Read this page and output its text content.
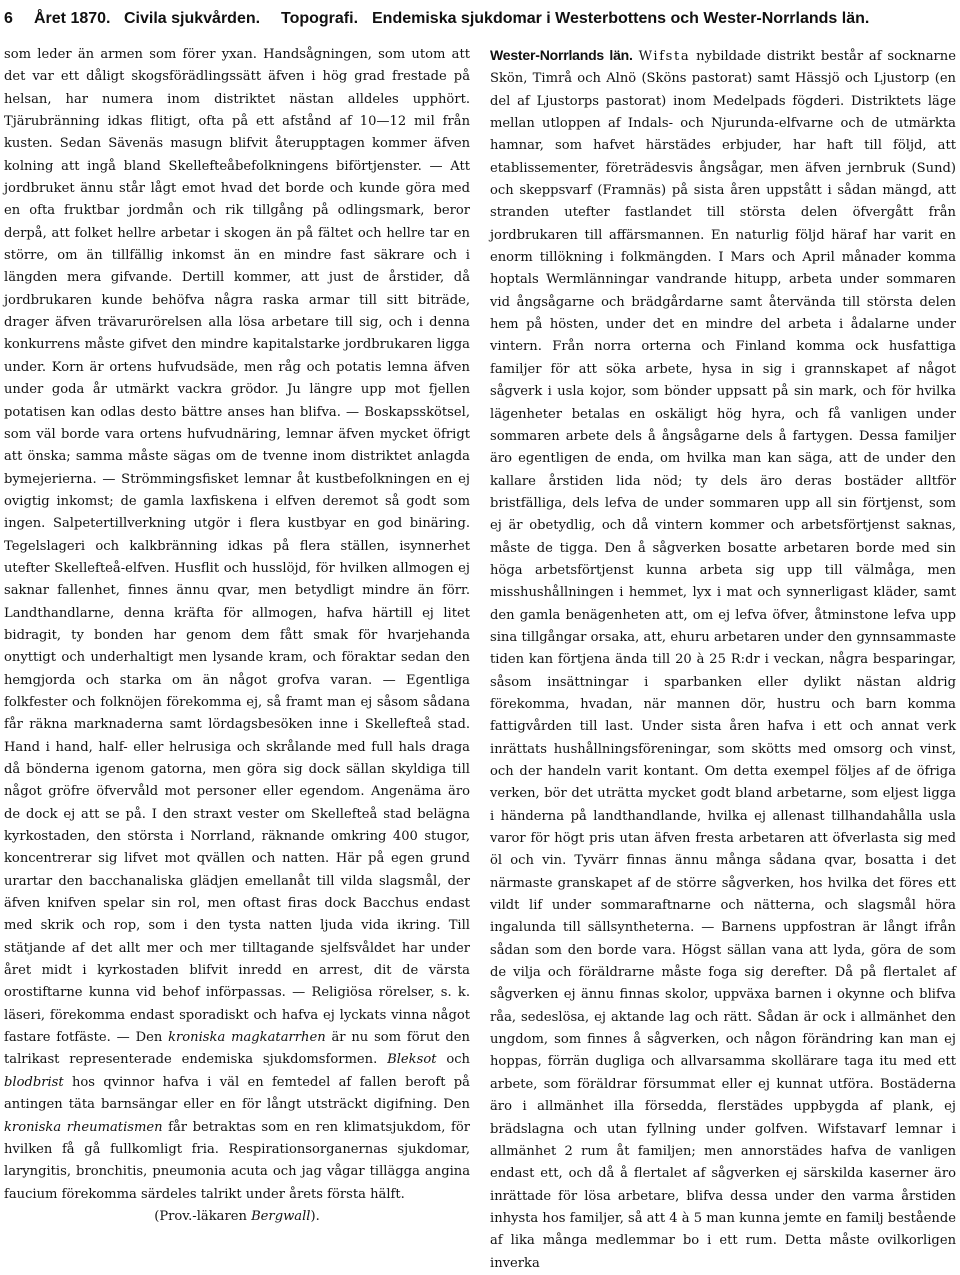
6 Året 1870. Civila sjukvården. Topografi. Endemiska sjukdomar i Westerbottens och Wester-Norrlands län.

som leder än armen som förer yxan. Handsågningen, som utom att det var ett dåligt skogsförädlingssätt äfven i hög grad frestade på helsan, har numera inom distriktet nästan alldeles upphört. Tjärubränning idkas flitigt, ofta på ett afstånd af 10—12 mil från kusten. Sedan Sävenäs masugn blifvit återupptagen kommer äfven kolning att ingå bland Skellefteåbefolkningens biförtjenster. — Att jordbruket ännu står lågt emot hvad det borde och kunde göra med en ofta fruktbar jordmån och rik tillgång på odlingsmark, beror derpå, att folket hellre arbetar i skogen än på fältet och hellre tar en större, om än tillfällig inkomst än en mindre fast säkrare och i längden mera gifvande. Dertill kommer, att just de årstider, då jordbrukaren kunde behöfva några raska armar till sitt biträde, drager äfven trävarurörelsen alla lösa arbetare till sig, och i denna konkurrens måste gifvet den mindre kapitalstarke jordbrukaren ligga under. Korn är ortens hufvudsäde, men råg och potatis lemna äfven under goda år utmärkt vackra grödor. Ju längre upp mot fjellen potatisen kan odlas desto bättre anses han blifva. — Boskapsskötsel, som väl borde vara ortens hufvudnäring, lemnar äfven mycket öfrigt att önska; samma måste sägas om de tvenne inom distriktet anlagda bymejerierna. — Strömmingsfisket lemnar åt kustbefolkningen en ej ovigtig inkomst; de gamla laxfiskena i elfven deremot så godt som ingen. Salpetertillverkning utgör i flera kustbyar en god binäring. Tegelslageri och kalkbränning idkas på flera ställen, isynnerhet utefter Skellefteå-elfven. Husflit och husslöjd, för hvilken allmogen ej saknar fallenhet, finnes ännu qvar, men betydligt mindre än förr. Landthandlarne, denna kräfta för allmogen, hafva härtill ej litet bidragit, ty bonden har genom dem fått smak för hvarjehanda onyttigt och underhaltigt men lysande kram, och föraktar sedan den hemgjorda och starka om än något grofva varan. — Egentliga folkfester och folknöjen förekomma ej, så framt man ej såsom sådana får räkna marknaderna samt lördagsbesöken inne i Skellefteå stad. Hand i hand, half- eller helrusiga och skrålande med full hals draga då bönderna igenom gatorna, men göra sig dock sällan skyldiga till något gröfre öfvervåld mot personer eller egendom. Angenäma äro de dock ej att se på. I den straxt vester om Skellefteå stad belägna kyrkostaden, den största i Norrland, räknande omkring 400 stugor, koncentrerar sig lifvet mot qvällen och natten. Här på egen grund urartar den bacchanaliska glädjen emellanåt till vilda slagsmål, der äfven knifven spelar sin rol, men oftast firas dock Bacchus endast med skrik och rop, som i den tysta natten ljuda vida ikring. Till stätjande af det allt mer och mer tilltagande sjelfsvåldet har under året midt i kyrkostaden blifvit inredd en arrest, dit de värsta orostiftarne kunna vid behof införpassas. — Religiösa rörelser, s. k. läseri, förekomma endast sporadiskt och hafva ej lyckats vinna något fastare fotfäste. — Den kroniska magkatarrhen är nu som förut den talrikast representerade endemiska sjukdomsformen. Bleksot och blodbrist hos qvinnor hafva i väl en femtedel af fallen beroft på antingen täta barnsängar eller en för långt utsträckt digifning. Den kroniska rheumatismen får betraktas som en ren klimatsjukdom, för hvilken få gå fullkomligt fria. Respirationsorganernas sjukdomar, laryngitis, bronchitis, pneumonia acuta och jag vågar tillägga angina faucium förekomma särdeles talrikt under årets första hälft.

(Prov.-läkaren Bergwall).

Wester-Norrlands län. Wifsta nybildade distrikt består af socknarne Skön, Timrå och Alnö (Sköns pastorat) samt Hässjö och Ljustorp (en del af Ljustorps pastorat) inom Medelpads fögderi. Distriktets läge mellan utloppen af Indals- och Njurunda-elfvarne och de utmärkta hamnar, som hafvet härstädes erbjuder, har haft till följd, att etablissementer, företrädesvis ångsågar, men äfven jernbruk (Sund) och skeppsvarf (Framnäs) på sista åren uppstått i sådan mängd, att stranden utefter fastlandet till största delen öfvergått från jordbrukaren till affärsmannen. En naturlig följd häraf har varit en enorm tillökning i folkmängden. I Mars och April månader komma hoptals Wermlänningar vandrande hitupp, arbeta under sommaren vid ångsågarne och brädgårdarne samt återvända till största delen hem på hösten, under det en mindre del arbeta i ådalarne under vintern. Från norra orterna och Finland komma ock husfattiga familjer för att söka arbete, hysa in sig i grannskapet af något sågverk i usla kojor, som bönder uppsatt på sin mark, och för hvilka lägenheter betalas en oskäligt hög hyra, och få vanligen under sommaren arbete dels å ångsågarne dels å fartygen. Dessa familjer äro egentligen de enda, om hvilka man kan säga, att de under den kallare årstiden lida nöd; ty dels äro deras bostäder alltför bristfälliga, dels lefva de under sommaren upp all sin förtjenst, som ej är obetydlig, och då vintern kommer och arbetsförtjenst saknas, måste de tigga. Den å sågverken bosatte arbetaren borde med sin höga arbetsförtjenst kunna arbeta sig upp till välmåga, men misshushållningen i hemmet, lyx i mat och synnerligast kläder, samt den gamla benägenheten att, om ej lefva öfver, åtminstone lefva upp sina tillgångar orsaka, att, ehuru arbetaren under den gynnsammaste tiden kan förtjena ända till 20 à 25 R:dr i veckan, några besparingar, såsom insättningar i sparbanken eller dylikt nästan aldrig förekomma, hvadan, när mannen dör, hustru och barn komma fattigvården till last. Under sista åren hafva i ett och annat verk inrättats hushållningsföreningar, som skötts med omsorg och vinst, och der handeln varit kontant. Om detta exempel följes af de öfriga verken, bör det uträtta mycket godt bland arbetarne, som eljest ligga i händerna på landthandlande, hvilka ej allenast tillhandahålla usla varor för högt pris utan äfven fresta arbetaren att öfverlasta sig med öl och vin. Tyvärr finnas ännu många sådana qvar, bosatta i det närmaste granskapet af de större sågverken, hos hvilka det föres ett vildt lif under sommaraftnarne och nätterna, och slagsmål höra ingalunda till sällsyntheterna. — Barnens uppfostran är långt ifrån sådan som den borde vara. Högst sällan vana att lyda, göra de som de vilja och föräldrarne måste foga sig derefter. Då på flertalet af sågverken ej ännu finnas skolor, uppväxa barnen i okynne och blifva råa, sedeslösa, ej aktande lag och rätt. Sådan är ock i allmänhet den ungdom, som finnes å sågverken, och någon förändring kan man ej hoppas, förrän dugliga och allvarsamma skollärare taga itu med ett arbete, som föräldrar försummat eller ej kunnat utföra. Bostäderna äro i allmänhet illa försedda, flerstädes uppbygda af plank, ej brädslagna och utan fyllning under golfven. Wifstavarf lemnar i allmänhet 2 rum åt familjen; men annorstädes hafva de vanligen endast ett, och då å flertalet af sågverken ej särskilda kaserner äro inrättade för lösa arbetare, blifva dessa under den varma årstiden inhysta hos familjer, så att 4 à 5 man kunna jemte en familj bestående af lika många medlemmar bo i ett rum. Detta måste ovilkorligen inverka
